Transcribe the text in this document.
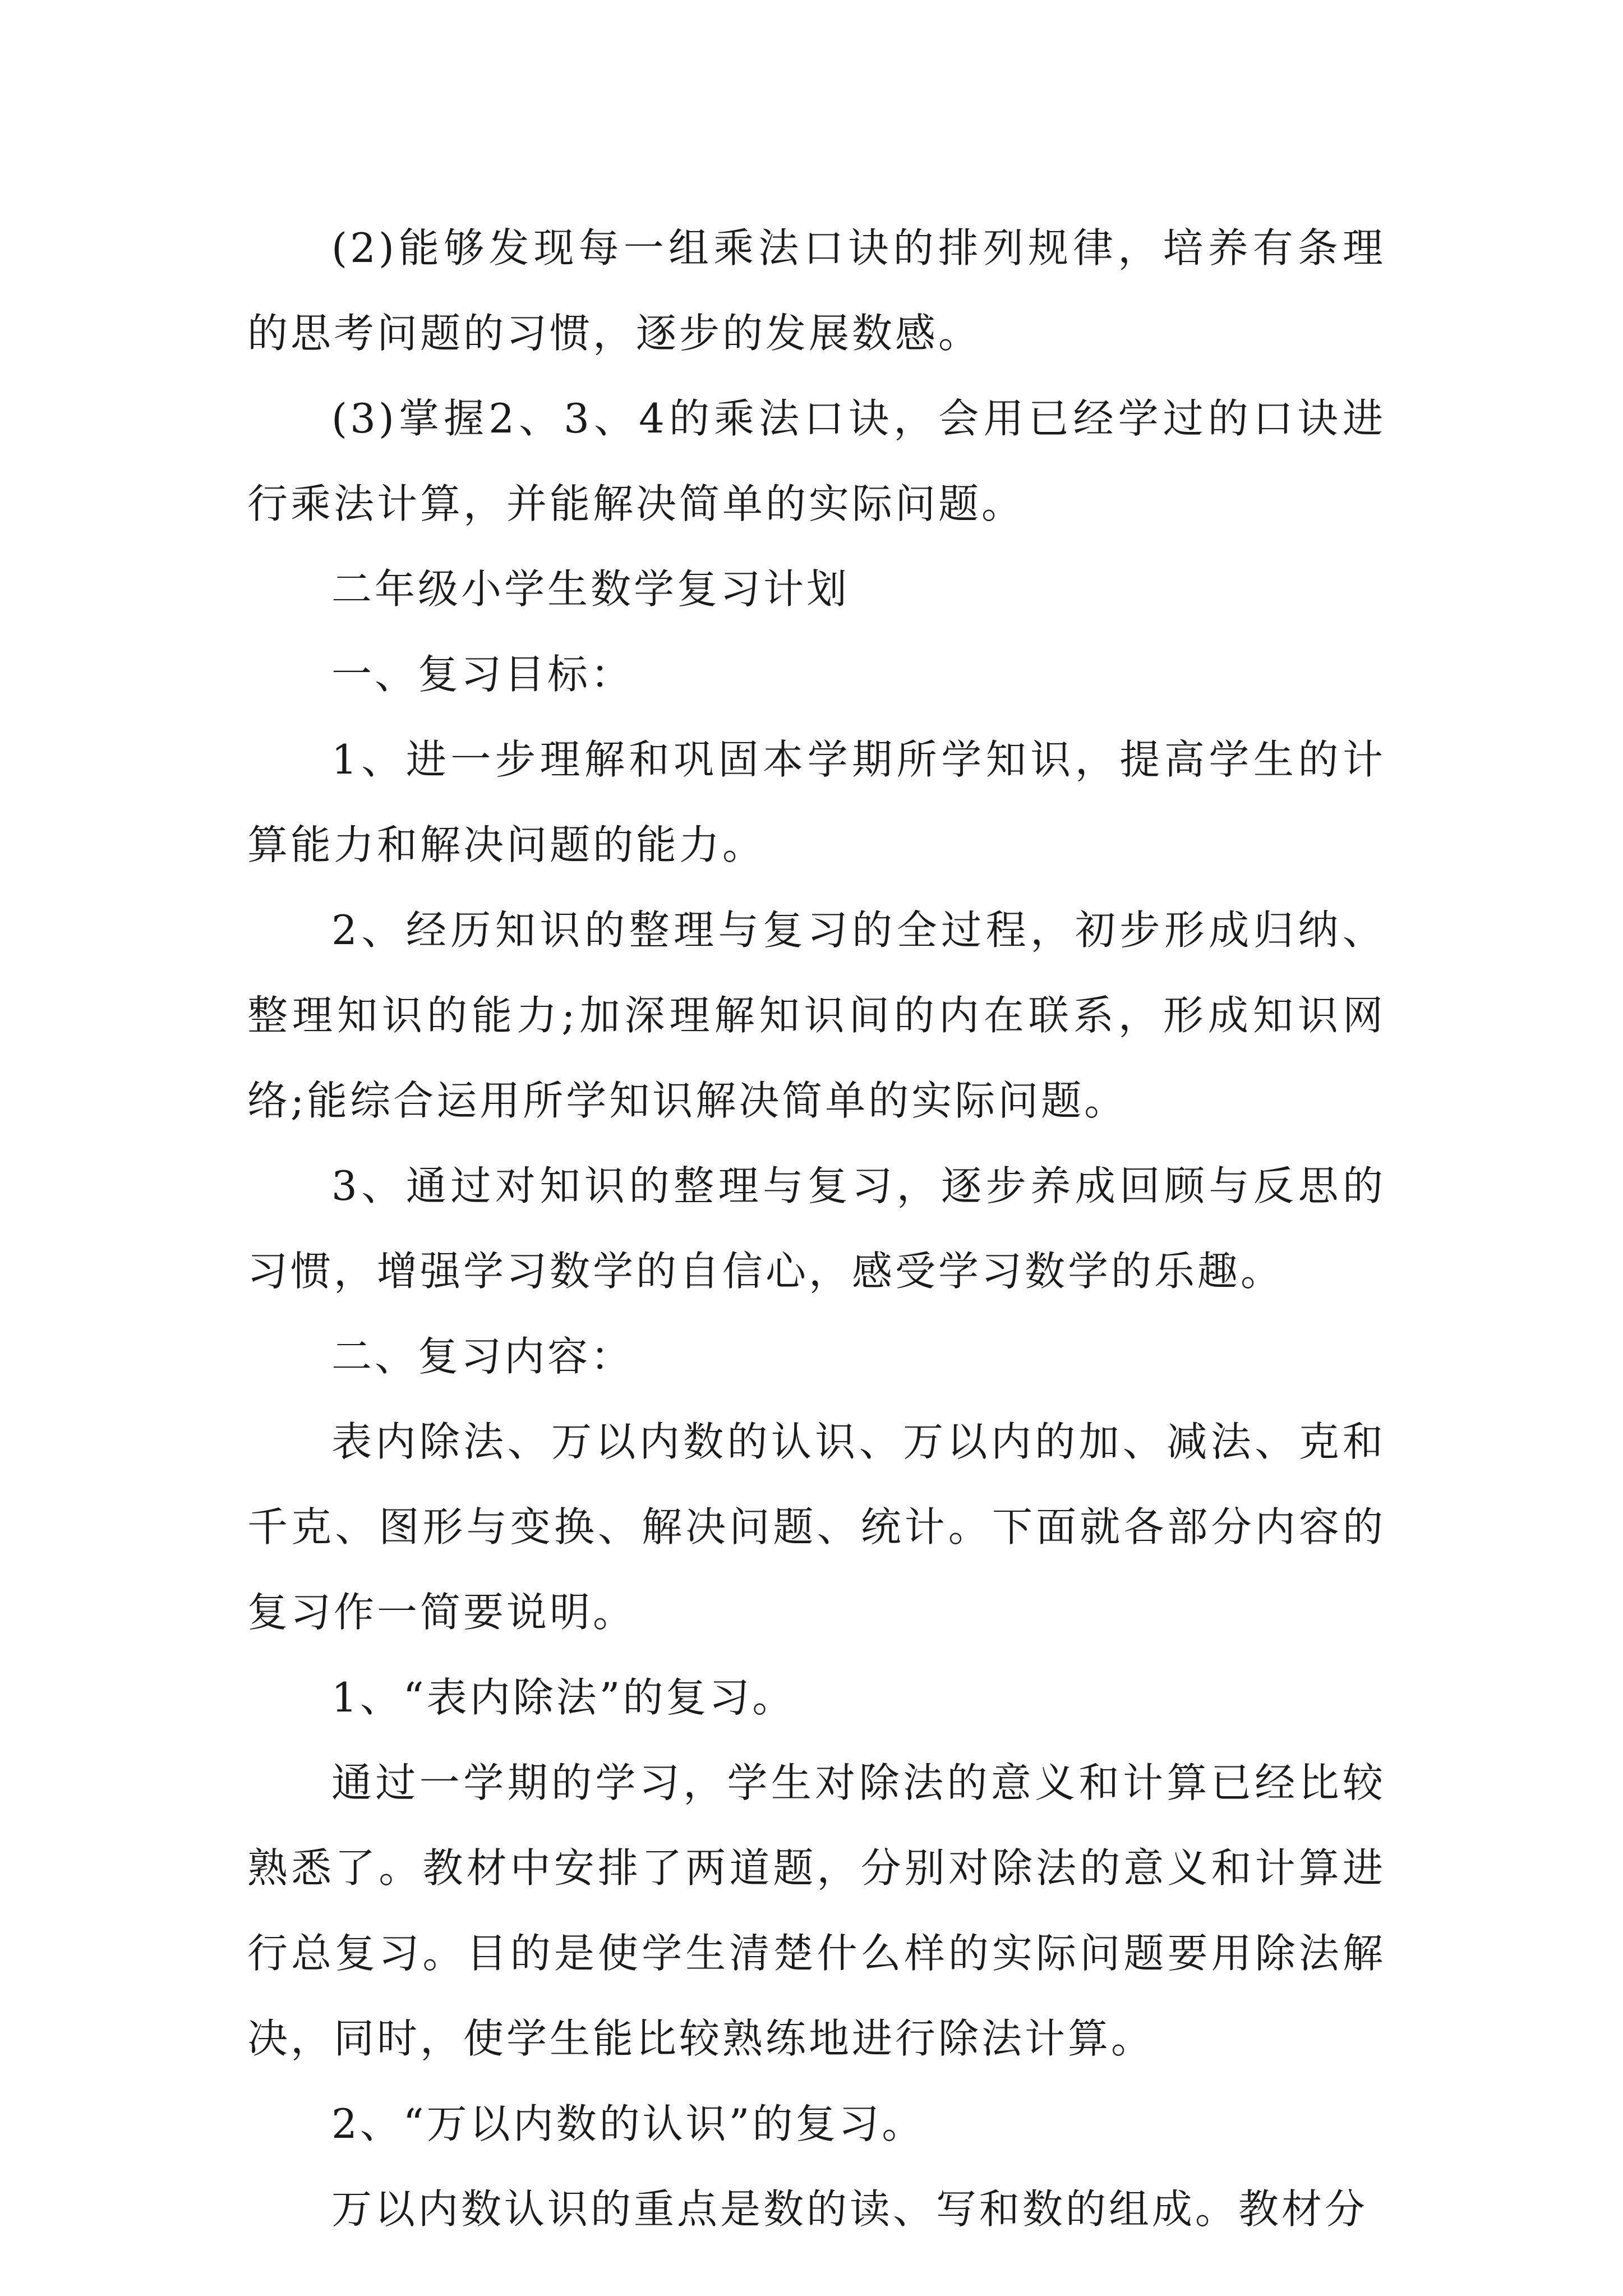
(2)能够发现每一组乘法口诀的排列规律，培养有条理的思考问题的习惯，逐步的发展数感。

(3)掌握2、3、4的乘法口诀，会用已经学过的口诀进行乘法计算，并能解决简单的实际问题。

二年级小学生数学复习计划

一、复习目标：

1、进一步理解和巩固本学期所学知识，提高学生的计算能力和解决问题的能力。

2、经历知识的整理与复习的全过程，初步形成归纳、整理知识的能力;加深理解知识间的内在联系，形成知识网络;能综合运用所学知识解决简单的实际问题。

3、通过对知识的整理与复习，逐步养成回顾与反思的习惯，增强学习数学的自信心，感受学习数学的乐趣。

二、复习内容：

表内除法、万以内数的认识、万以内的加、减法、克和千克、图形与变换、解决问题、统计。下面就各部分内容的复习作一简要说明。

1、“表内除法”的复习。

通过一学期的学习，学生对除法的意义和计算已经比较熟悉了。教材中安排了两道题，分别对除法的意义和计算进行总复习。目的是使学生清楚什么样的实际问题要用除法解决，同时，使学生能比较熟练地进行除法计算。

2、“万以内数的认识”的复习。

万以内数认识的重点是数的读、写和数的组成。教材分
